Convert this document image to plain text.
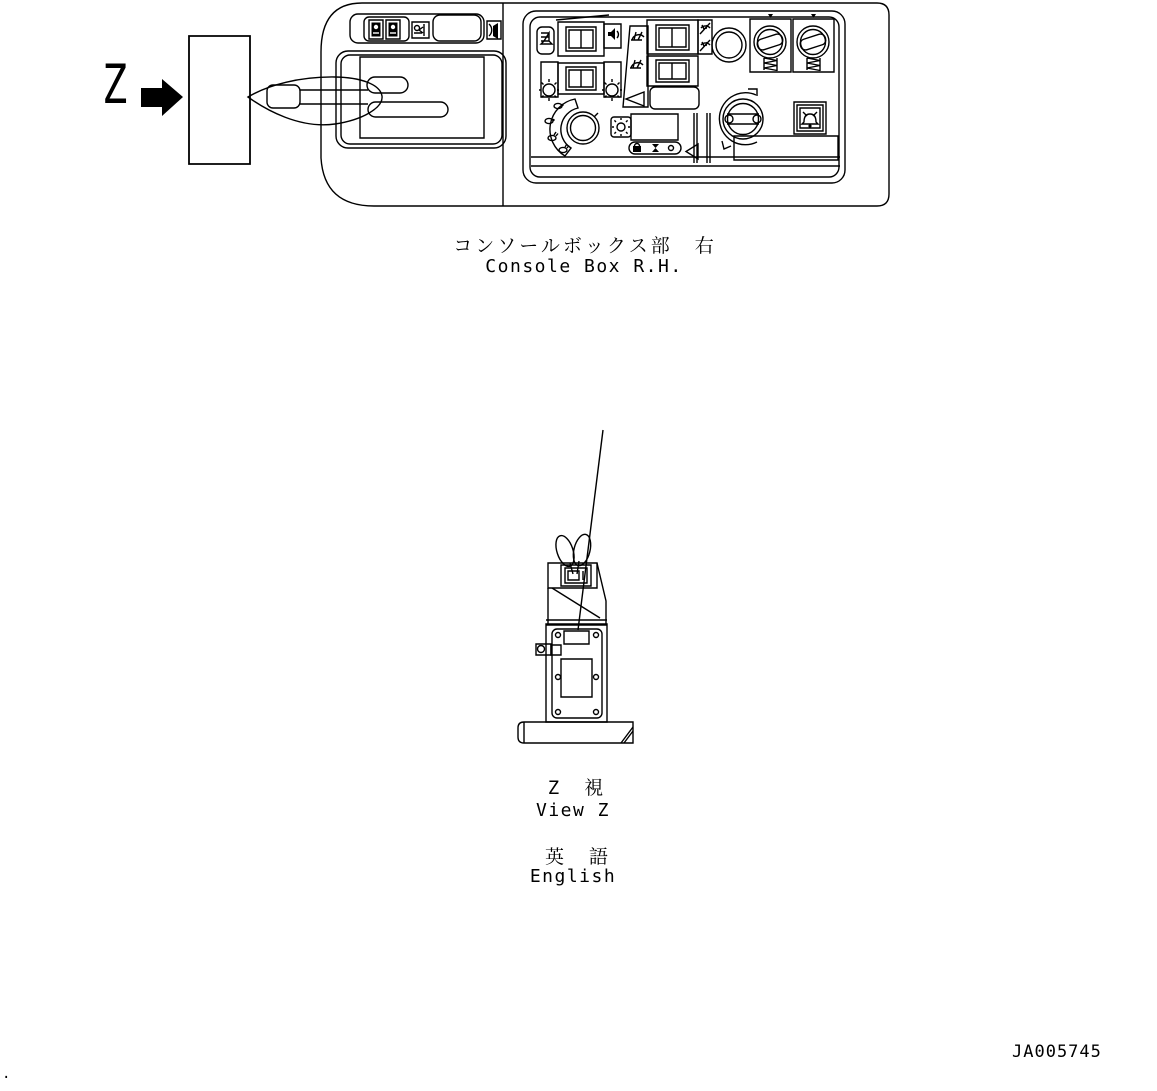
Z
コンソールボックス部　右
Console Box R.H.
Z　視
View Z
英　語
English
JA005745
.
